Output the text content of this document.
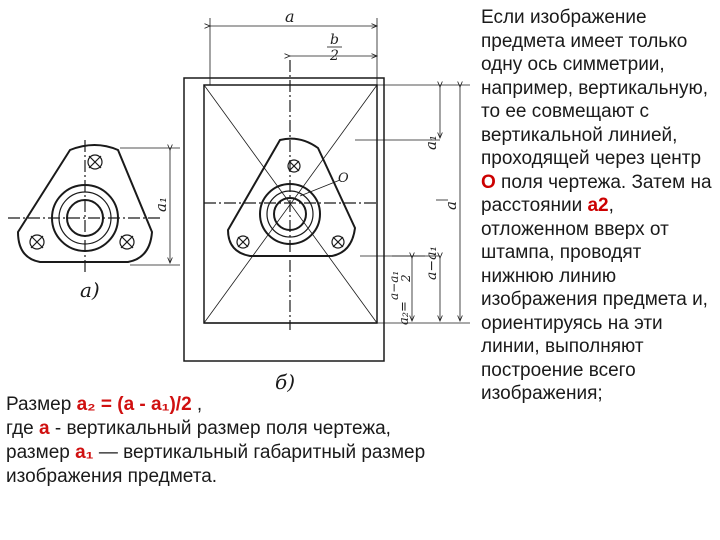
a
b
2
O
a₁
a₁
a
a−a₁
a−a₁
2
a₂=
а)
б)
Размер a₂ = (a - a₁)/2 ,
где a - вертикальный размер поля чертежа, размер a₁ — вертикальный габаритный размер изображения предмета.
Если изображение предмета имеет только одну ось симметрии, например, вертикальную, то ее совмещают с вертикальной линией, проходящей через центр О поля чертежа. Затем на расстоянии а2, отложенном вверх от штампа, проводят нижнюю линию изображения предмета и, ориентируясь на эти линии, выполняют построение всего изображения;
